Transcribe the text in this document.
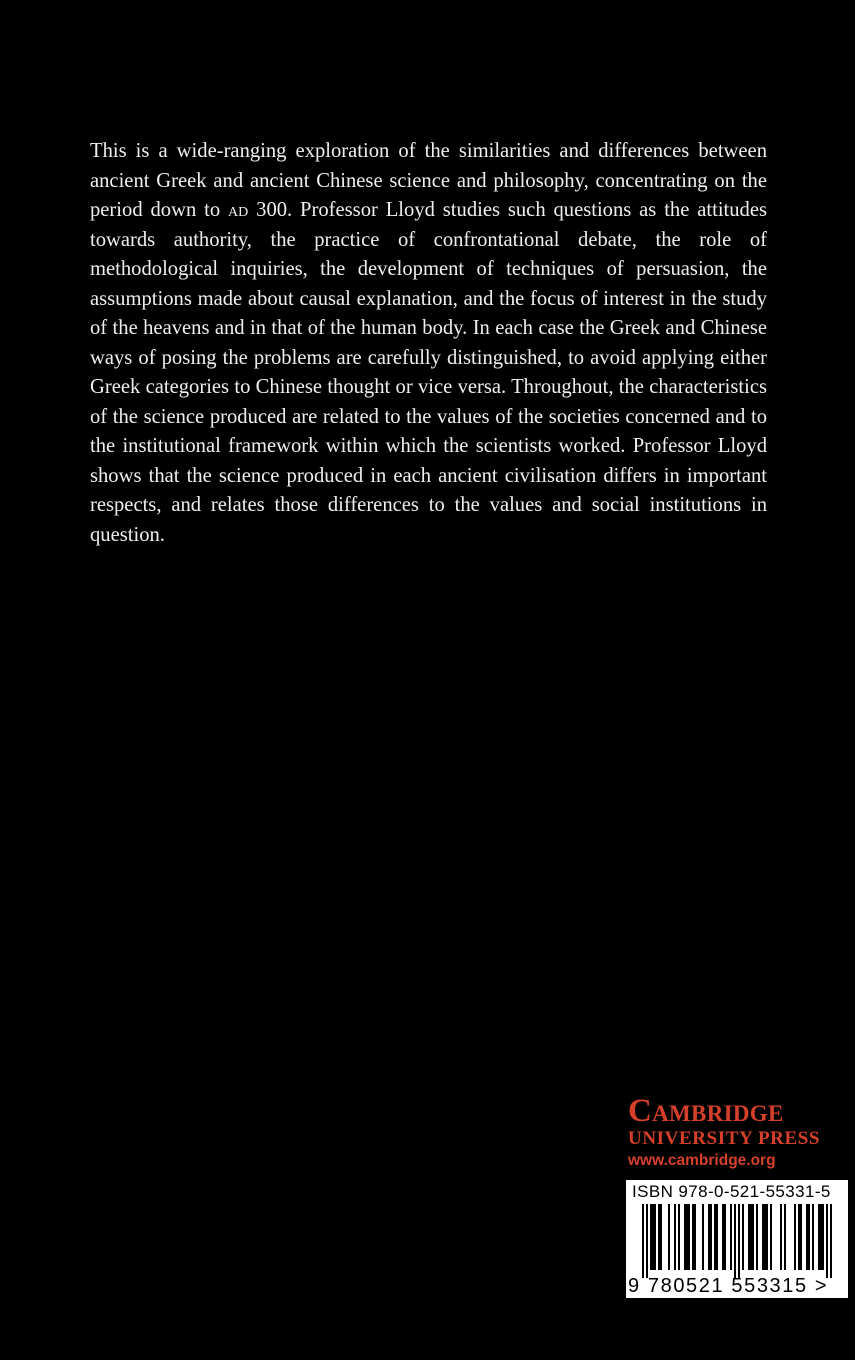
This is a wide-ranging exploration of the similarities and differences between ancient Greek and ancient Chinese science and philosophy, concentrating on the period down to ad 300. Professor Lloyd studies such questions as the attitudes towards authority, the practice of confrontational debate, the role of methodological inquiries, the development of techniques of persuasion, the assumptions made about causal explanation, and the focus of interest in the study of the heavens and in that of the human body. In each case the Greek and Chinese ways of posing the problems are carefully distinguished, to avoid applying either Greek categories to Chinese thought or vice versa. Throughout, the characteristics of the science produced are related to the values of the societies concerned and to the institutional framework within which the scientists worked. Professor Lloyd shows that the science produced in each ancient civilisation differs in important respects, and relates those differences to the values and social institutions in question.

Cambridge
UNIVERSITY PRESS
www.cambridge.org
ISBN 978-0-521-55331-5
9 780521 553315 >
